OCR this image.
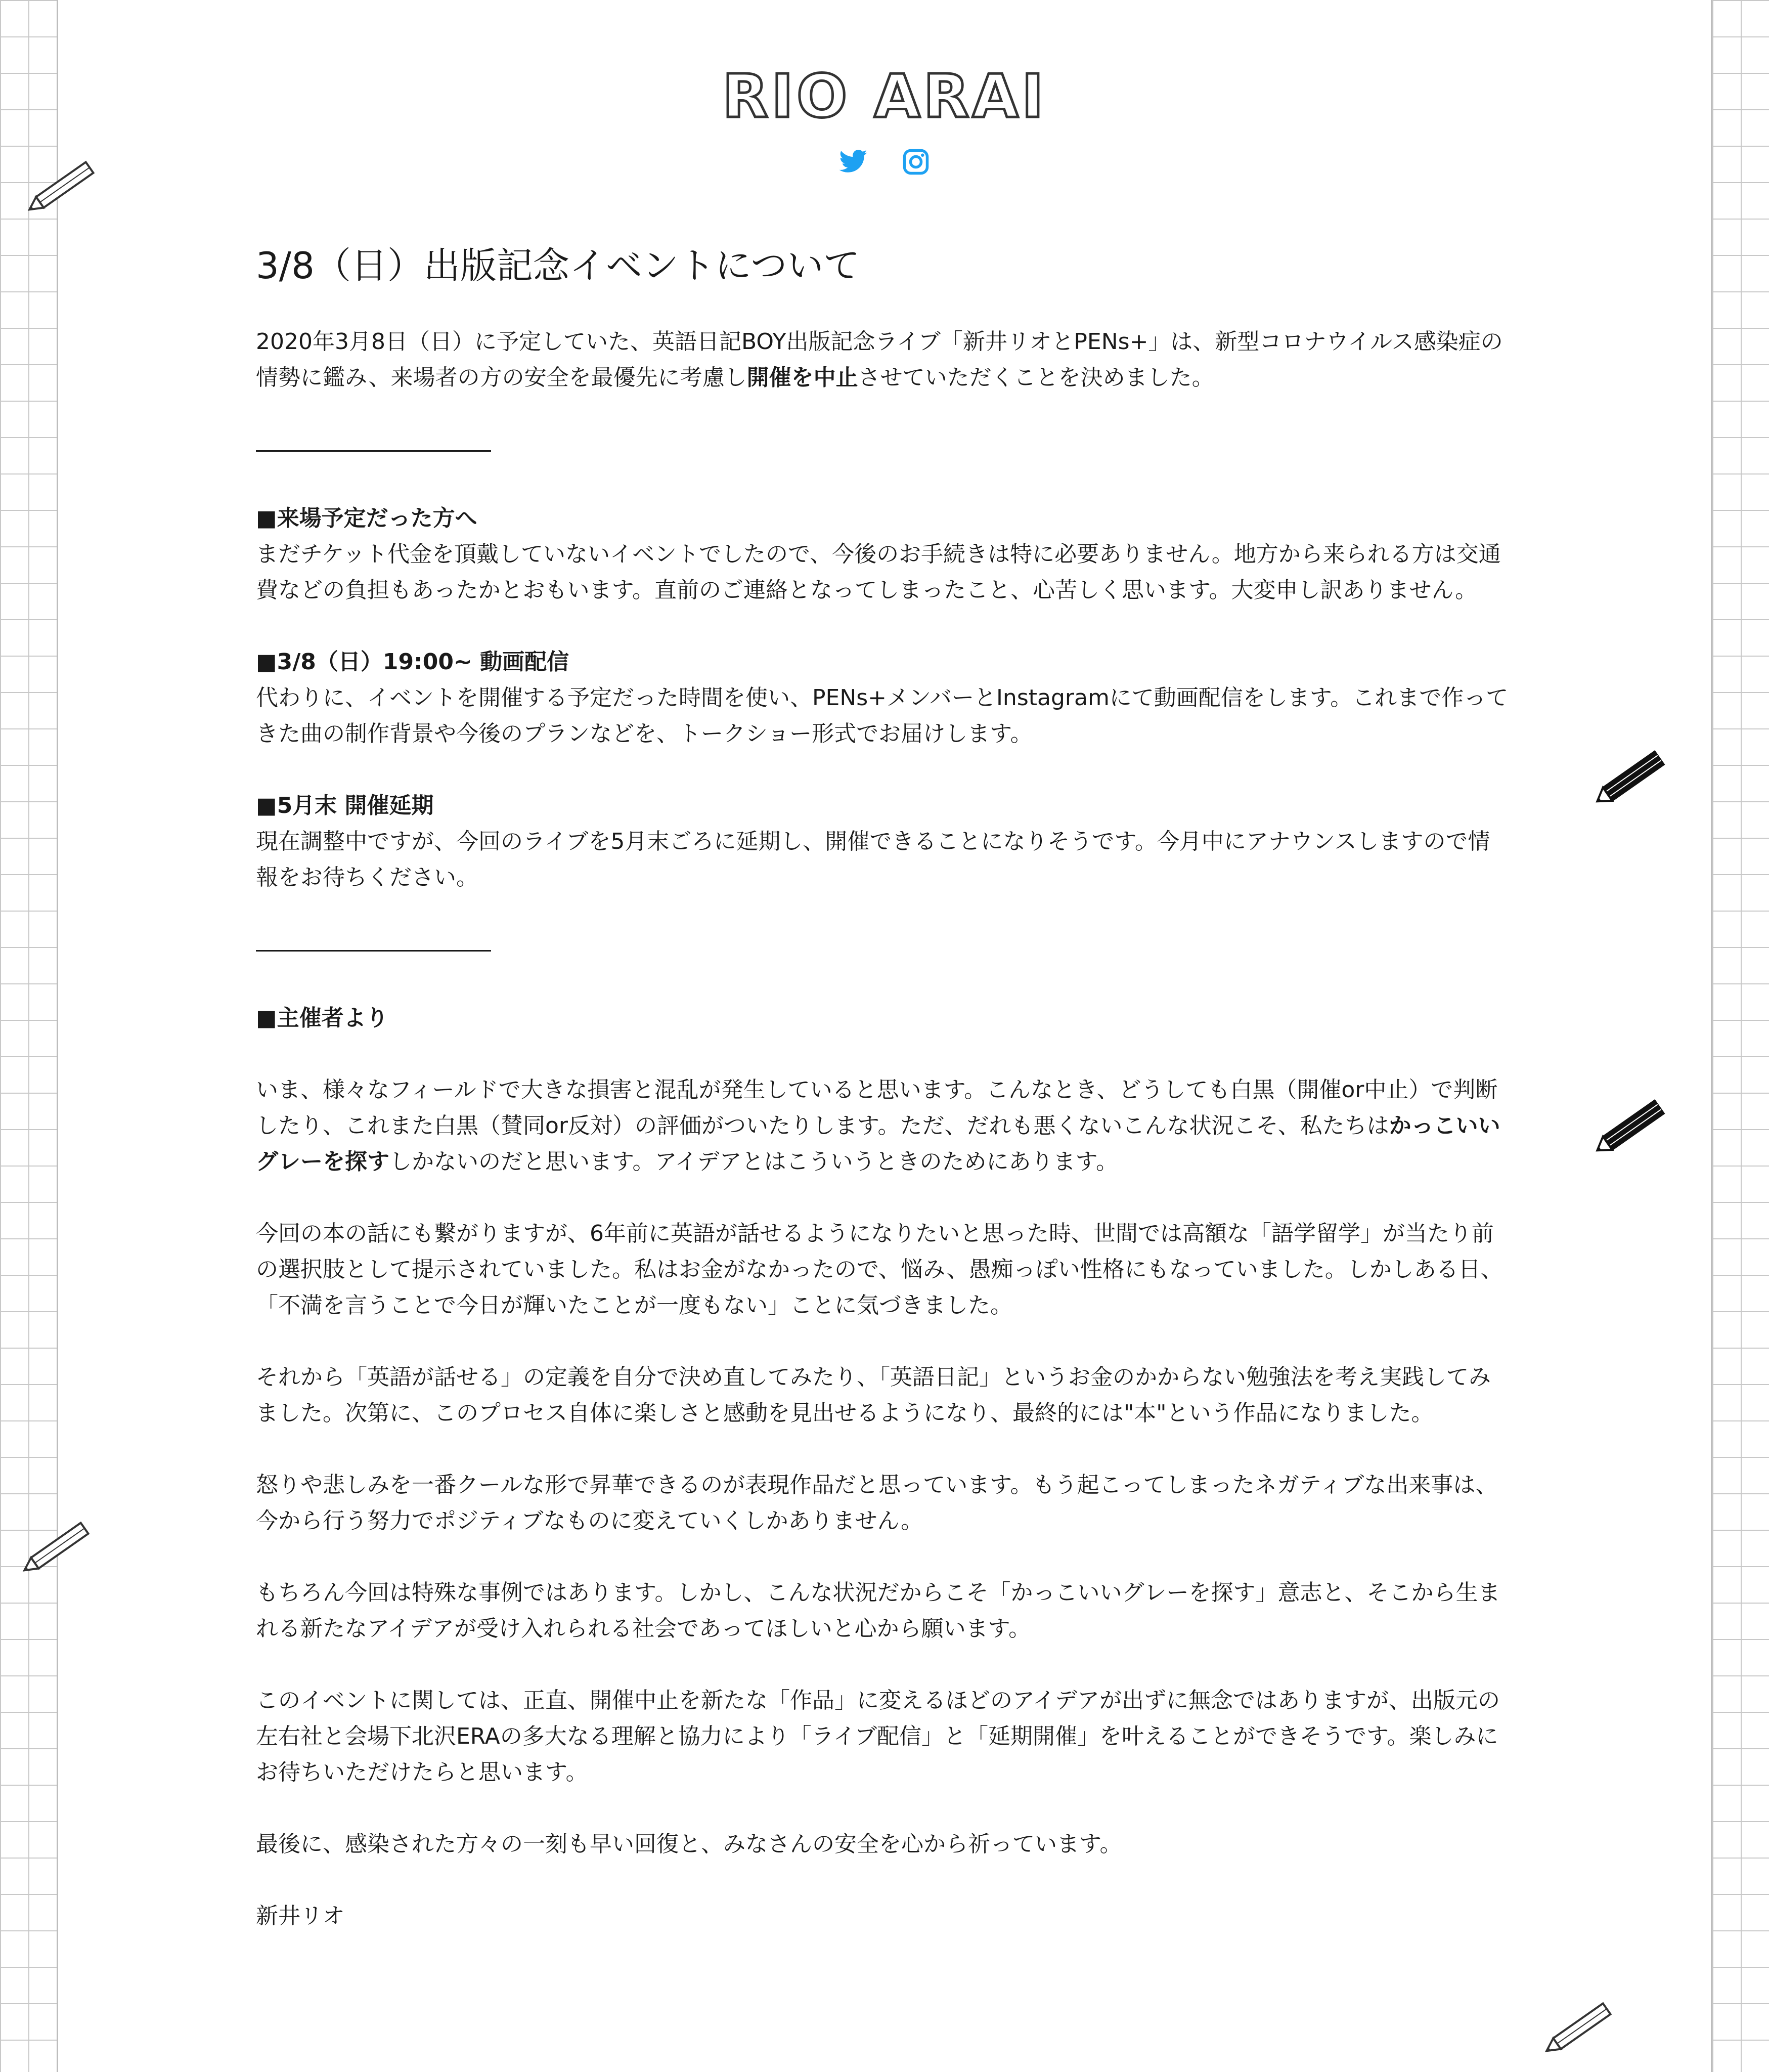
RIO ARAI
3/8（日）出版記念イベントについて

2020年3月8日（日）に予定していた、英語日記BOY出版記念ライブ「新井リオとPENs+」は、新型コロナウイルス感染症の情勢に鑑み、来場者の方の安全を最優先に考慮し開催を中止させていただくことを決めました。

■来場予定だった方へ

まだチケット代金を頂戴していないイベントでしたので、今後のお手続きは特に必要ありません。地方から来られる方は交通費などの負担もあったかとおもいます。直前のご連絡となってしまったこと、心苦しく思います。大変申し訳ありません。

■3/8（日）19:00~ 動画配信

代わりに、イベントを開催する予定だった時間を使い、PENs+メンバーとInstagramにて動画配信をします。これまで作ってきた曲の制作背景や今後のプランなどを、トークショー形式でお届けします。

■5月末 開催延期

現在調整中ですが、今回のライブを5月末ごろに延期し、開催できることになりそうです。今月中にアナウンスしますので情報をお待ちください。

■主催者より

いま、様々なフィールドで大きな損害と混乱が発生していると思います。こんなとき、どうしても白黒（開催or中止）で判断したり、これまた白黒（賛同or反対）の評価がついたりします。ただ、だれも悪くないこんな状況こそ、私たちはかっこいいグレーを探すしかないのだと思います。アイデアとはこういうときのためにあります。

今回の本の話にも繋がりますが、6年前に英語が話せるようになりたいと思った時、世間では高額な「語学留学」が当たり前の選択肢として提示されていました。私はお金がなかったので、悩み、愚痴っぽい性格にもなっていました。しかしある日、「不満を言うことで今日が輝いたことが一度もない」ことに気づきました。

それから「英語が話せる」の定義を自分で決め直してみたり、「英語日記」というお金のかからない勉強法を考え実践してみました。次第に、このプロセス自体に楽しさと感動を見出せるようになり、最終的には"本"という作品になりました。

怒りや悲しみを一番クールな形で昇華できるのが表現作品だと思っています。もう起こってしまったネガティブな出来事は、今から行う努力でポジティブなものに変えていくしかありません。

もちろん今回は特殊な事例ではあります。しかし、こんな状況だからこそ「かっこいいグレーを探す」意志と、そこから生まれる新たなアイデアが受け入れられる社会であってほしいと心から願います。

このイベントに関しては、正直、開催中止を新たな「作品」に変えるほどのアイデアが出ずに無念ではありますが、出版元の左右社と会場下北沢ERAの多大なる理解と協力により「ライブ配信」と「延期開催」を叶えることができそうです。楽しみにお待ちいただけたらと思います。

最後に、感染された方々の一刻も早い回復と、みなさんの安全を心から祈っています。

新井リオ
